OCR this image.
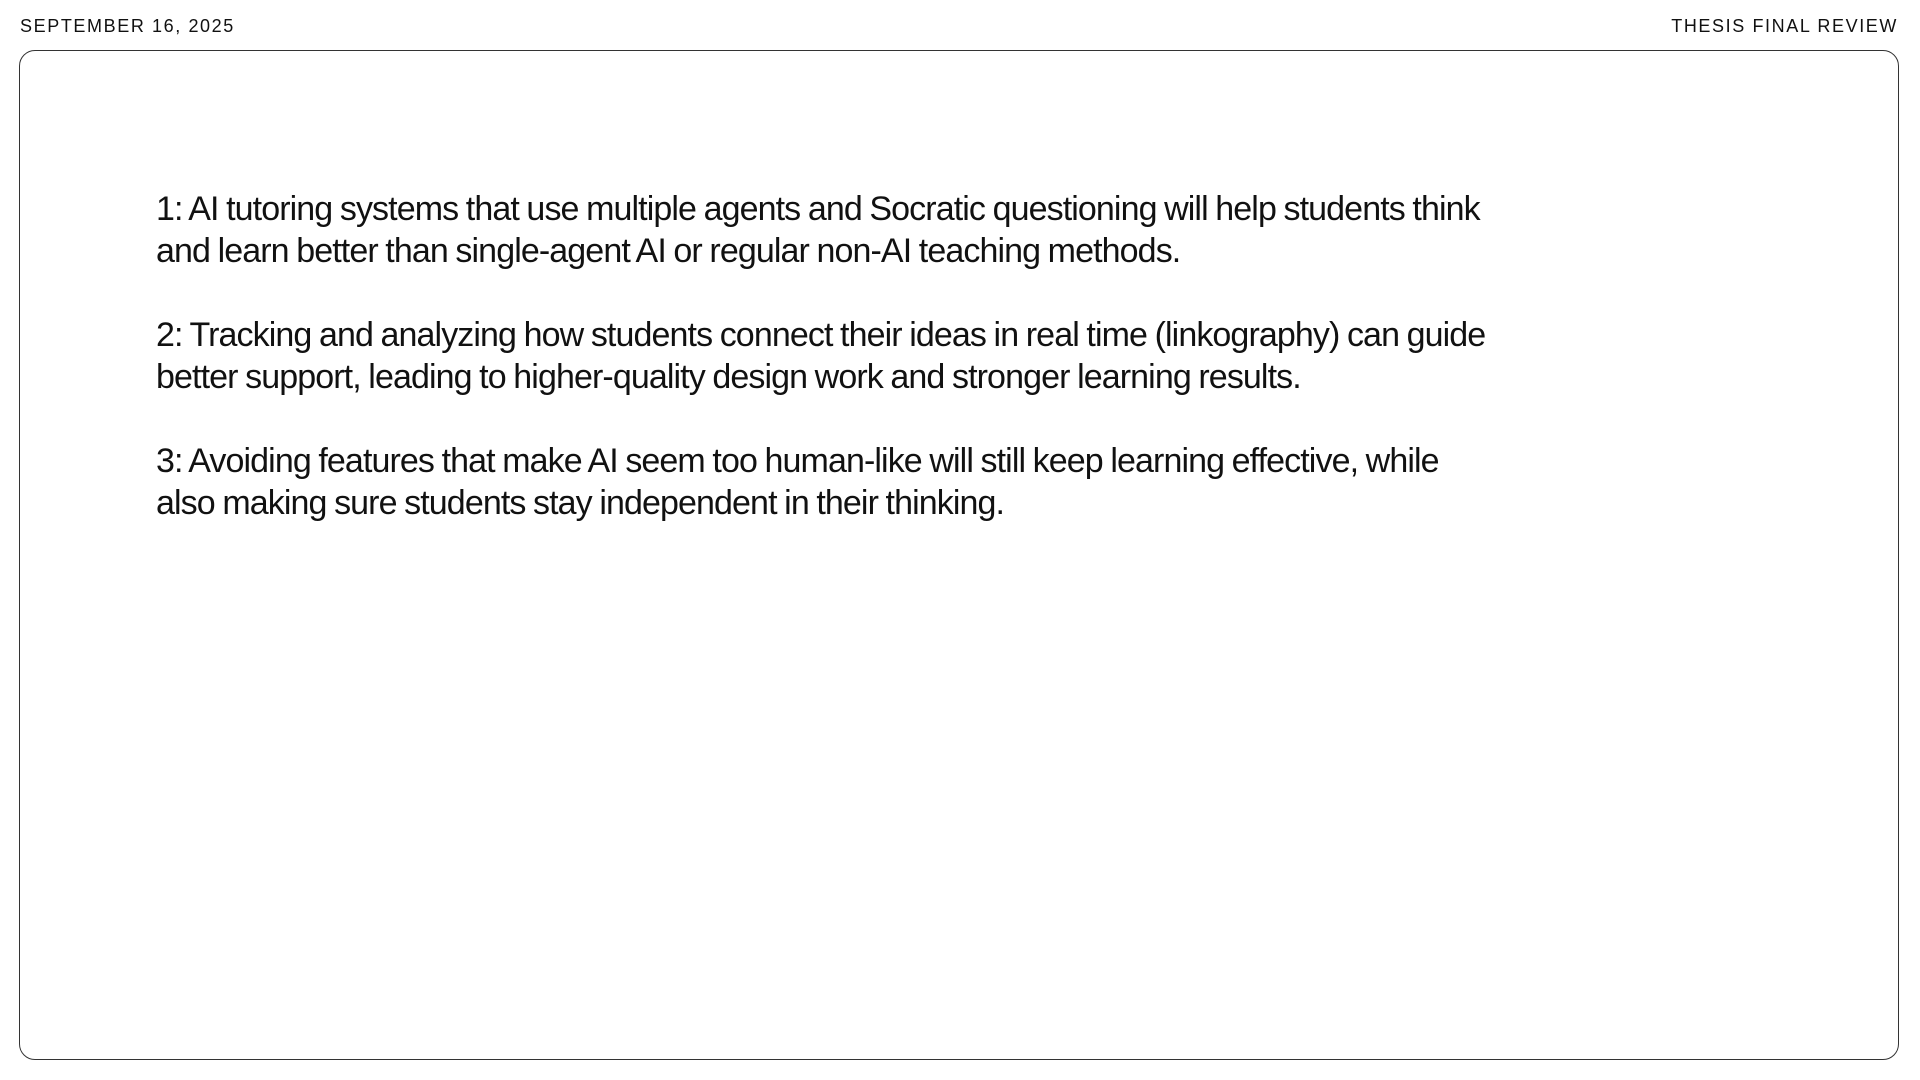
SEPTEMBER 16, 2025	THESIS FINAL REVIEW

1: AI tutoring systems that use multiple agents and Socratic questioning will help students think and learn better than single-agent AI or regular non-AI teaching methods.

2: Tracking and analyzing how students connect their ideas in real time (linkography) can guide better support, leading to higher-quality design work and stronger learning results.

3: Avoiding features that make AI seem too human-like will still keep learning effective, while also making sure students stay independent in their thinking.
